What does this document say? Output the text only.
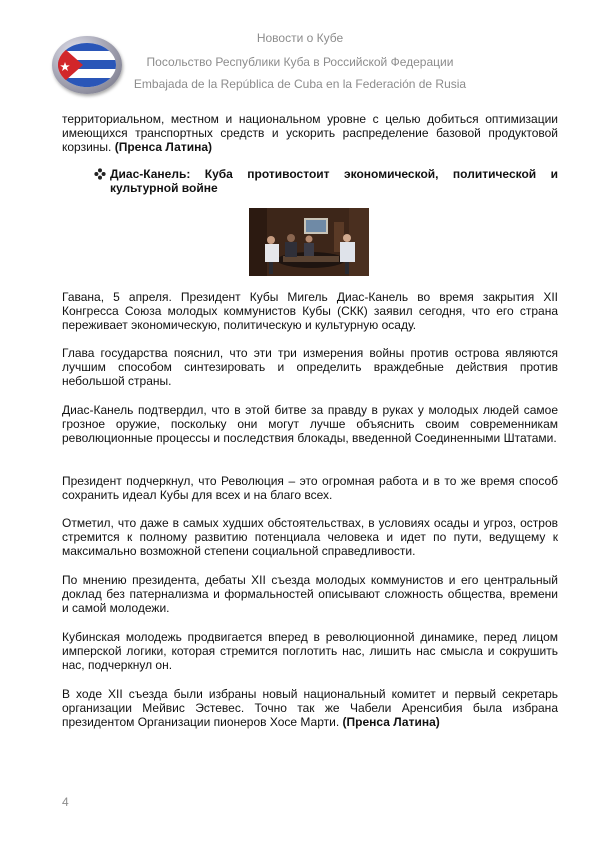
Новости о Кубе
Посольство Республики Куба в Российской Федерации
Embajada de la República de Cuba en la Federación de Rusia

территориальном, местном и национальном уровне с целью добиться оптимизации имеющихся транспортных средств и ускорить распределение базовой продуктовой корзины. (Пренса Латина)

Диас-Канель: Куба противостоит экономической, политической и культурной войне

Гавана, 5 апреля. Президент Кубы Мигель Диас-Канель во время закрытия XII Конгресса Союза молодых коммунистов Кубы (СКК) заявил сегодня, что его страна переживает экономическую, политическую и культурную осаду.

Глава государства пояснил, что эти три измерения войны против острова являются лучшим способом синтезировать и определить враждебные действия против небольшой страны.

Диас-Канель подтвердил, что в этой битве за правду в руках у молодых людей самое грозное оружие, поскольку они могут лучше объяснить своим современникам революционные процессы и последствия блокады, введенной Соединенными Штатами.

Президент подчеркнул, что Революция – это огромная работа и в то же время способ сохранить идеал Кубы для всех и на благо всех.

Отметил, что даже в самых худших обстоятельствах, в условиях осады и угроз, остров стремится к полному развитию потенциала человека и идет по пути, ведущему к максимально возможной степени социальной справедливости.

По мнению президента, дебаты XII съезда молодых коммунистов и его центральный доклад без патернализма и формальностей описывают сложность общества, времени и самой молодежи.

Кубинская молодежь продвигается вперед в революционной динамике, перед лицом имперской логики, которая стремится поглотить нас, лишить нас смысла и сокрушить нас, подчеркнул он.

В ходе XII съезда были избраны новый национальный комитет и первый секретарь организации Мейвис Эстевес. Точно так же Чабели Аренсибия была избрана президентом Организации пионеров Хосе Марти. (Пренса Латина)

4
